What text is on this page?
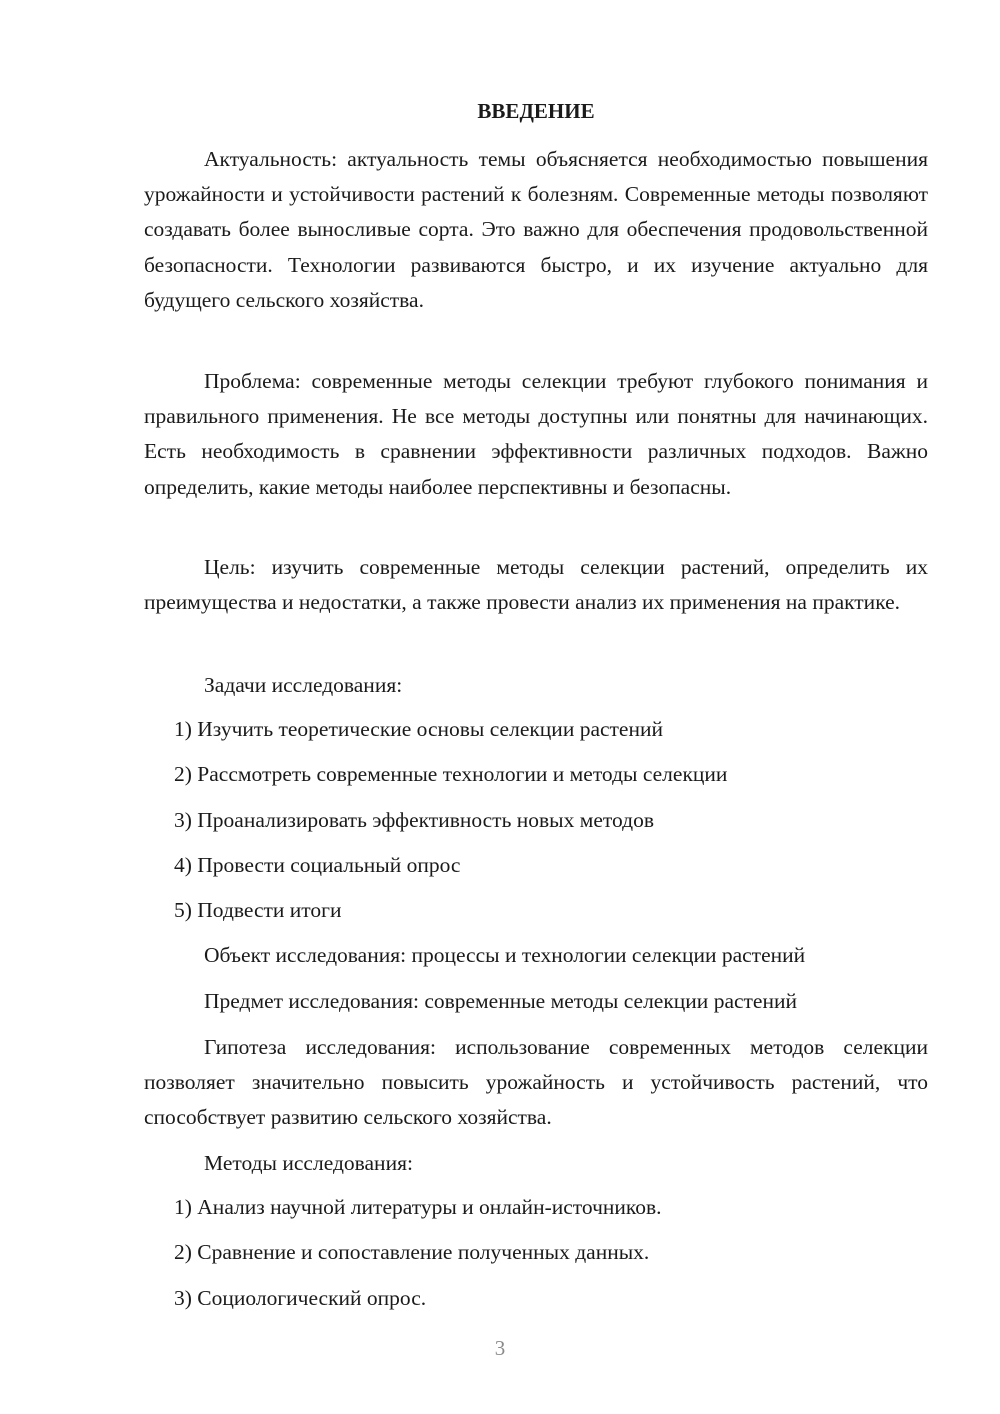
ВВЕДЕНИЕ

Актуальность: актуальность темы объясняется необходимостью повышения урожайности и устойчивости растений к болезням. Современные методы позволяют создавать более выносливые сорта. Это важно для обеспечения продовольственной безопасности. Технологии развиваются быстро, и их изучение актуально для будущего сельского хозяйства.

Проблема: современные методы селекции требуют глубокого понимания и правильного применения. Не все методы доступны или понятны для начинающих. Есть необходимость в сравнении эффективности различных подходов. Важно определить, какие методы наиболее перспективны и безопасны.

Цель: изучить современные методы селекции растений, определить их преимущества и недостатки, а также провести анализ их применения на практике.

Задачи исследования:

1) Изучить теоретические основы селекции растений

2) Рассмотреть современные технологии и методы селекции

3) Проанализировать эффективность новых методов

4) Провести социальный опрос

5) Подвести итоги

Объект исследования: процессы и технологии селекции растений

Предмет исследования: современные методы селекции растений

Гипотеза исследования: использование современных методов селекции позволяет значительно повысить урожайность и устойчивость растений, что способствует развитию сельского хозяйства.

Методы исследования:

1) Анализ научной литературы и онлайн-источников.

2) Сравнение и сопоставление полученных данных.

3) Социологический опрос.

3
